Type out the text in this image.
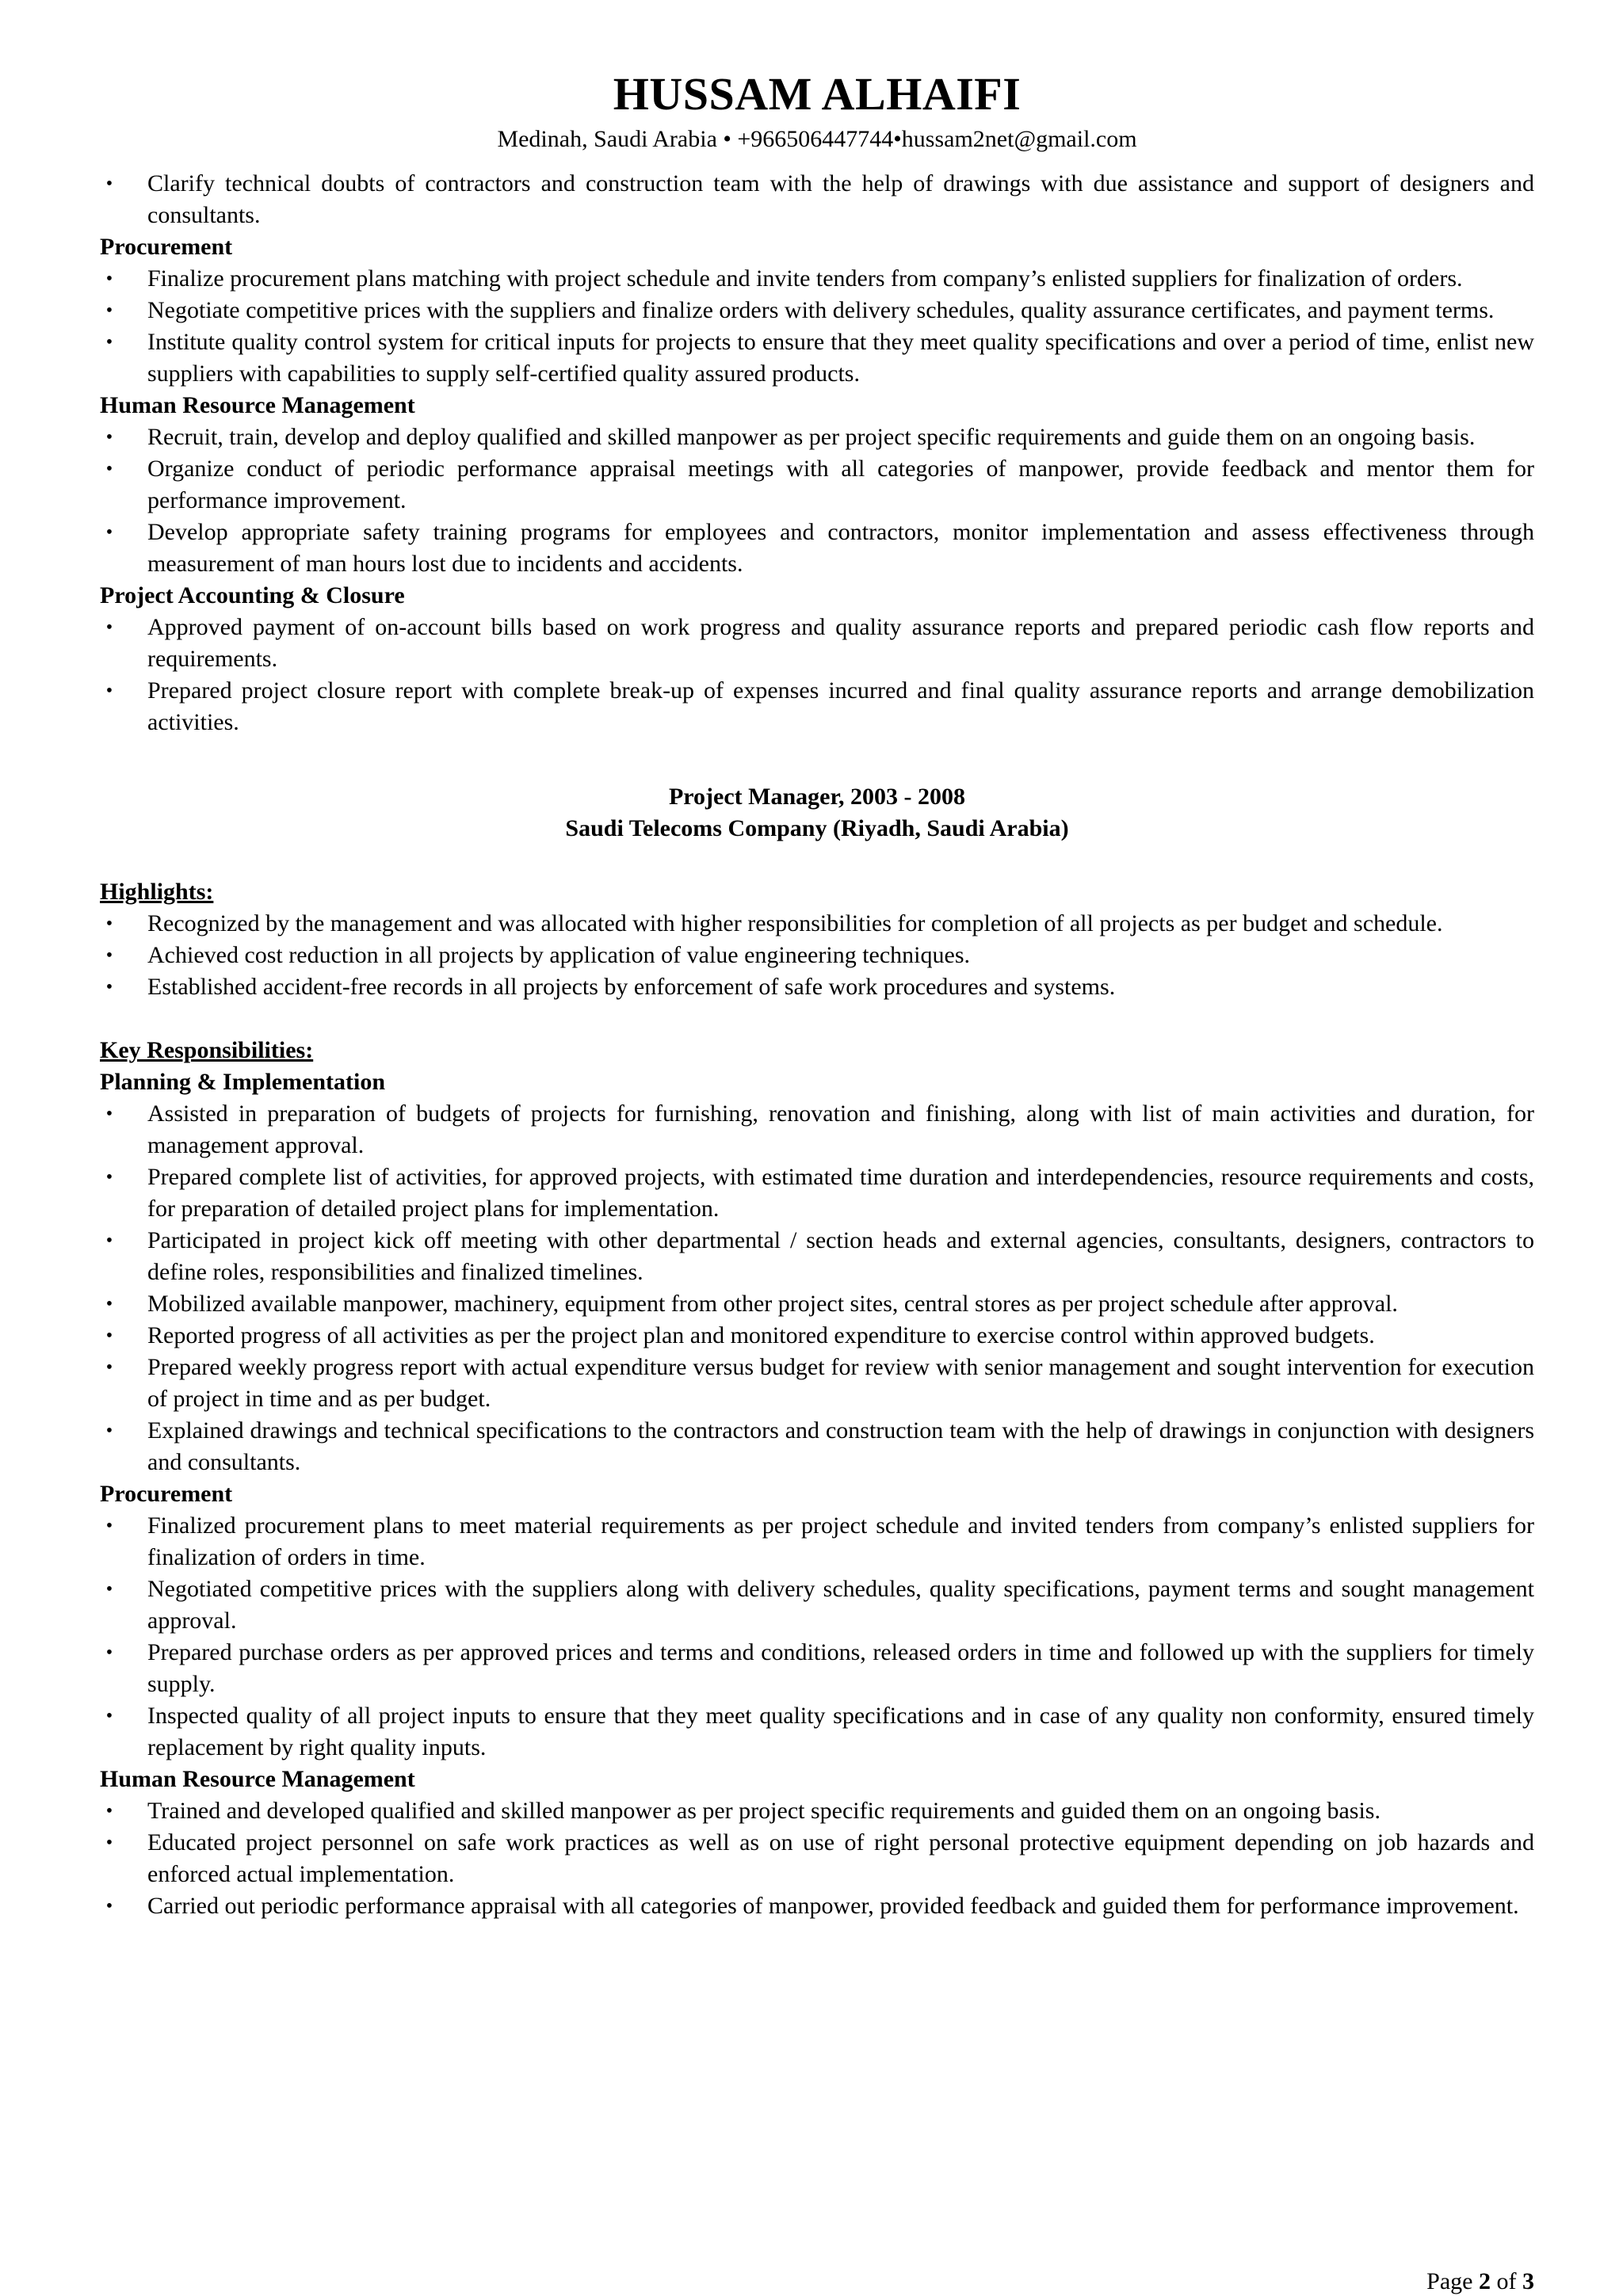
HUSSAM ALHAIFI

Medinah, Saudi Arabia • +966506447744•hussam2net@gmail.com

• Clarify technical doubts of contractors and construction team with the help of drawings with due assistance and support of designers and consultants.

Procurement

• Finalize procurement plans matching with project schedule and invite tenders from company’s enlisted suppliers for finalization of orders.
• Negotiate competitive prices with the suppliers and finalize orders with delivery schedules, quality assurance certificates, and payment terms.
• Institute quality control system for critical inputs for projects to ensure that they meet quality specifications and over a period of time, enlist new suppliers with capabilities to supply self-certified quality assured products.

Human Resource Management

• Recruit, train, develop and deploy qualified and skilled manpower as per project specific requirements and guide them on an ongoing basis.
• Organize conduct of periodic performance appraisal meetings with all categories of manpower, provide feedback and mentor them for performance improvement.
• Develop appropriate safety training programs for employees and contractors, monitor implementation and assess effectiveness through measurement of man hours lost due to incidents and accidents.

Project Accounting & Closure

• Approved payment of on-account bills based on work progress and quality assurance reports and prepared periodic cash flow reports and requirements.
• Prepared project closure report with complete break-up of expenses incurred and final quality assurance reports and arrange demobilization activities.

Project Manager, 2003 - 2008

Saudi Telecoms Company (Riyadh, Saudi Arabia)

Highlights:

• Recognized by the management and was allocated with higher responsibilities for completion of all projects as per budget and schedule.
• Achieved cost reduction in all projects by application of value engineering techniques.
• Established accident-free records in all projects by enforcement of safe work procedures and systems.

Key Responsibilities:

Planning & Implementation

• Assisted in preparation of budgets of projects for furnishing, renovation and finishing, along with list of main activities and duration, for management approval.
• Prepared complete list of activities, for approved projects, with estimated time duration and interdependencies, resource requirements and costs, for preparation of detailed project plans for implementation.
• Participated in project kick off meeting with other departmental / section heads and external agencies, consultants, designers, contractors to define roles, responsibilities and finalized timelines.
• Mobilized available manpower, machinery, equipment from other project sites, central stores as per project schedule after approval.
• Reported progress of all activities as per the project plan and monitored expenditure to exercise control within approved budgets.
• Prepared weekly progress report with actual expenditure versus budget for review with senior management and sought intervention for execution of project in time and as per budget.
• Explained drawings and technical specifications to the contractors and construction team with the help of drawings in conjunction with designers and consultants.

Procurement

• Finalized procurement plans to meet material requirements as per project schedule and invited tenders from company’s enlisted suppliers for finalization of orders in time.
• Negotiated competitive prices with the suppliers along with delivery schedules, quality specifications, payment terms and sought management approval.
• Prepared purchase orders as per approved prices and terms and conditions, released orders in time and followed up with the suppliers for timely supply.
• Inspected quality of all project inputs to ensure that they meet quality specifications and in case of any quality non conformity, ensured timely replacement by right quality inputs.

Human Resource Management

• Trained and developed qualified and skilled manpower as per project specific requirements and guided them on an ongoing basis.
• Educated project personnel on safe work practices as well as on use of right personal protective equipment depending on job hazards and enforced actual implementation.
• Carried out periodic performance appraisal with all categories of manpower, provided feedback and guided them for performance improvement.
Page 2 of 3
